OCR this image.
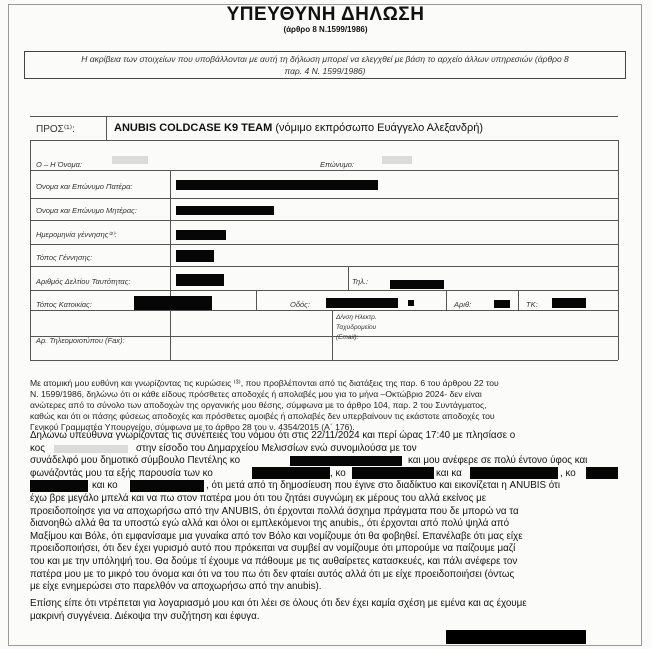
ΥΠΕΥΘΥΝΗ ΔΗΛΩΣΗ
(άρθρο 8 Ν.1599/1986)
Η ακρίβεια των στοιχείων που υποβάλλονται με αυτή τη δήλωση μπορεί να ελεγχθεί με βάση το αρχείο άλλων υπηρεσιών (άρθρο 8
παρ. 4 Ν. 1599/1986)
ΠΡΟΣ⁽¹⁾:	ANUBIS COLDCASE K9 TEAM (νόμιμο εκπρόσωπο Ευάγγελο Αλεξανδρή)
Ο – Η Όνομα:	Επώνυμο:
Όνομα και Επώνυμο Πατέρα:
Όνομα και Επώνυμο Μητέρας:
Ημερομηνία γέννησης⁽²⁾:
Τόπος Γέννησης:
Αριθμός Δελτίου Ταυτότητας:	Τηλ.:
Τόπος Κατοικίας:	Οδός:	Αριθ:	ΤΚ:
Αρ. Τηλεομοιοτύπου (Fax):
Δ/νση Ηλεκτρ.
Ταχυδρομείου
(Email):
Με ατομική μου ευθύνη και γνωρίζοντας τις κυρώσεις ⁽³⁾, που προβλέπονται από τις διατάξεις της παρ. 6 του άρθρου 22 του
Ν. 1599/1986, δηλώνω ότι οι κάθε είδους πρόσθετες αποδοχές ή απολαβές μου για το μήνα –Οκτώβριο 2024- δεν είναι
ανώτερες από το σύνολο των αποδοχών της οργανικής μου θέσης, σύμφωνα με το άρθρο 104, παρ. 2 του Συντάγματος,
καθώς και ότι οι πάσης φύσεως αποδοχές και πρόσθετες αμοιβές ή απολαβές δεν υπερβαίνουν τις εκάστοτε αποδοχές του
Γενικού Γραμματέα Υπουργείου, σύμφωνα με το άρθρο 28 του ν. 4354/2015 (Α΄ 176).
Δηλώνω υπεύθυνα γνωρίζοντας τις συνέπειες του νόμου ότι στις 22/11/2024 και περί ώρας 17:40 με πλησίασε ο
κος	στην είσοδο του Δημαρχείου Μελισσίων ενώ συνομιλούσα με τον
συνάδελφό μου δημοτικό σύμβουλο Πεντέλης κο	και μου ανέφερε σε πολύ έντονο ύφος και
φωνάζοντάς μου τα εξής παρουσία των κο	, κο	και κα	, κο
και κο	, ότι μετά από τη δημοσίευση που έγινε στο διαδίκτυο και εικονίζεται η ANUBIS ότι
έχω βρε μεγάλο μπελά και να πω στον πατέρα μου ότι του ζητάει συγνώμη εκ μέρους του αλλά εκείνος με
προειδοποίησε για να αποχωρήσω από την ANUBIS, ότι έρχονται πολλά άσχημα πράγματα που δε μπορώ να τα
διανοηθώ αλλά θα τα υποστώ εγώ αλλά και όλοι οι εμπλεκόμενοι της anubis,, ότι έρχονται από πολύ ψηλά από
Μαξίμου και Βόλε, ότι εμφανίσαμε μια γυναίκα από τον Βόλο και νομίζουμε ότι θα φοβηθεί. Επανέλαβε ότι μας είχε
προειδοποιήσει, ότι δεν έχει γυρισμό αυτό που πρόκειται να συμβεί αν νομίζουμε ότι μπορούμε να παίζουμε μαζί
του και με την υπόληψή του. Θα δούμε τί έχουμε να πάθουμε με τις αυθαίρετες κατασκευές, και πάλι ανέφερε τον
πατέρα μου με το μικρό του όνομα και ότι να του πω ότι δεν φταίει αυτός αλλά ότι με είχε προειδοποιήσει (όντως
με είχε ενημερώσει στο παρελθόν να αποχωρήσω από την anubis).
Επίσης είπε ότι ντρέπεται για λογαριασμό μου και ότι λέει σε όλους ότι δεν έχει καμία σχέση με εμένα και ας έχουμε
μακρινή συγγένεια. Διέκοψα την συζήτηση και έφυγα.
